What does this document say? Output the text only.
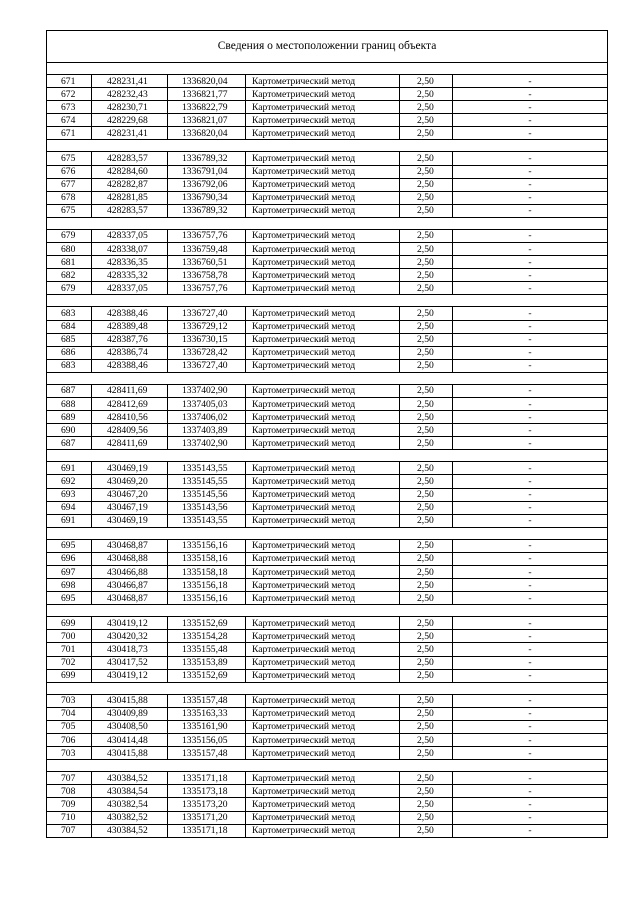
Сведения о местоположении границ объекта					

671	428231,41	1336820,04	Картометрический метод	2,50	-
672	428232,43	1336821,77	Картометрический метод	2,50	-
673	428230,71	1336822,79	Картометрический метод	2,50	-
674	428229,68	1336821,07	Картометрический метод	2,50	-
671	428231,41	1336820,04	Картометрический метод	2,50	-

675	428283,57	1336789,32	Картометрический метод	2,50	-
676	428284,60	1336791,04	Картометрический метод	2,50	-
677	428282,87	1336792,06	Картометрический метод	2,50	-
678	428281,85	1336790,34	Картометрический метод	2,50	-
675	428283,57	1336789,32	Картометрический метод	2,50	-

679	428337,05	1336757,76	Картометрический метод	2,50	-
680	428338,07	1336759,48	Картометрический метод	2,50	-
681	428336,35	1336760,51	Картометрический метод	2,50	-
682	428335,32	1336758,78	Картометрический метод	2,50	-
679	428337,05	1336757,76	Картометрический метод	2,50	-

683	428388,46	1336727,40	Картометрический метод	2,50	-
684	428389,48	1336729,12	Картометрический метод	2,50	-
685	428387,76	1336730,15	Картометрический метод	2,50	-
686	428386,74	1336728,42	Картометрический метод	2,50	-
683	428388,46	1336727,40	Картометрический метод	2,50	-

687	428411,69	1337402,90	Картометрический метод	2,50	-
688	428412,69	1337405,03	Картометрический метод	2,50	-
689	428410,56	1337406,02	Картометрический метод	2,50	-
690	428409,56	1337403,89	Картометрический метод	2,50	-
687	428411,69	1337402,90	Картометрический метод	2,50	-

691	430469,19	1335143,55	Картометрический метод	2,50	-
692	430469,20	1335145,55	Картометрический метод	2,50	-
693	430467,20	1335145,56	Картометрический метод	2,50	-
694	430467,19	1335143,56	Картометрический метод	2,50	-
691	430469,19	1335143,55	Картометрический метод	2,50	-

695	430468,87	1335156,16	Картометрический метод	2,50	-
696	430468,88	1335158,16	Картометрический метод	2,50	-
697	430466,88	1335158,18	Картометрический метод	2,50	-
698	430466,87	1335156,18	Картометрический метод	2,50	-
695	430468,87	1335156,16	Картометрический метод	2,50	-

699	430419,12	1335152,69	Картометрический метод	2,50	-
700	430420,32	1335154,28	Картометрический метод	2,50	-
701	430418,73	1335155,48	Картометрический метод	2,50	-
702	430417,52	1335153,89	Картометрический метод	2,50	-
699	430419,12	1335152,69	Картометрический метод	2,50	-

703	430415,88	1335157,48	Картометрический метод	2,50	-
704	430409,89	1335163,33	Картометрический метод	2,50	-
705	430408,50	1335161,90	Картометрический метод	2,50	-
706	430414,48	1335156,05	Картометрический метод	2,50	-
703	430415,88	1335157,48	Картометрический метод	2,50	-

707	430384,52	1335171,18	Картометрический метод	2,50	-
708	430384,54	1335173,18	Картометрический метод	2,50	-
709	430382,54	1335173,20	Картометрический метод	2,50	-
710	430382,52	1335171,20	Картометрический метод	2,50	-
707	430384,52	1335171,18	Картометрический метод	2,50	-
